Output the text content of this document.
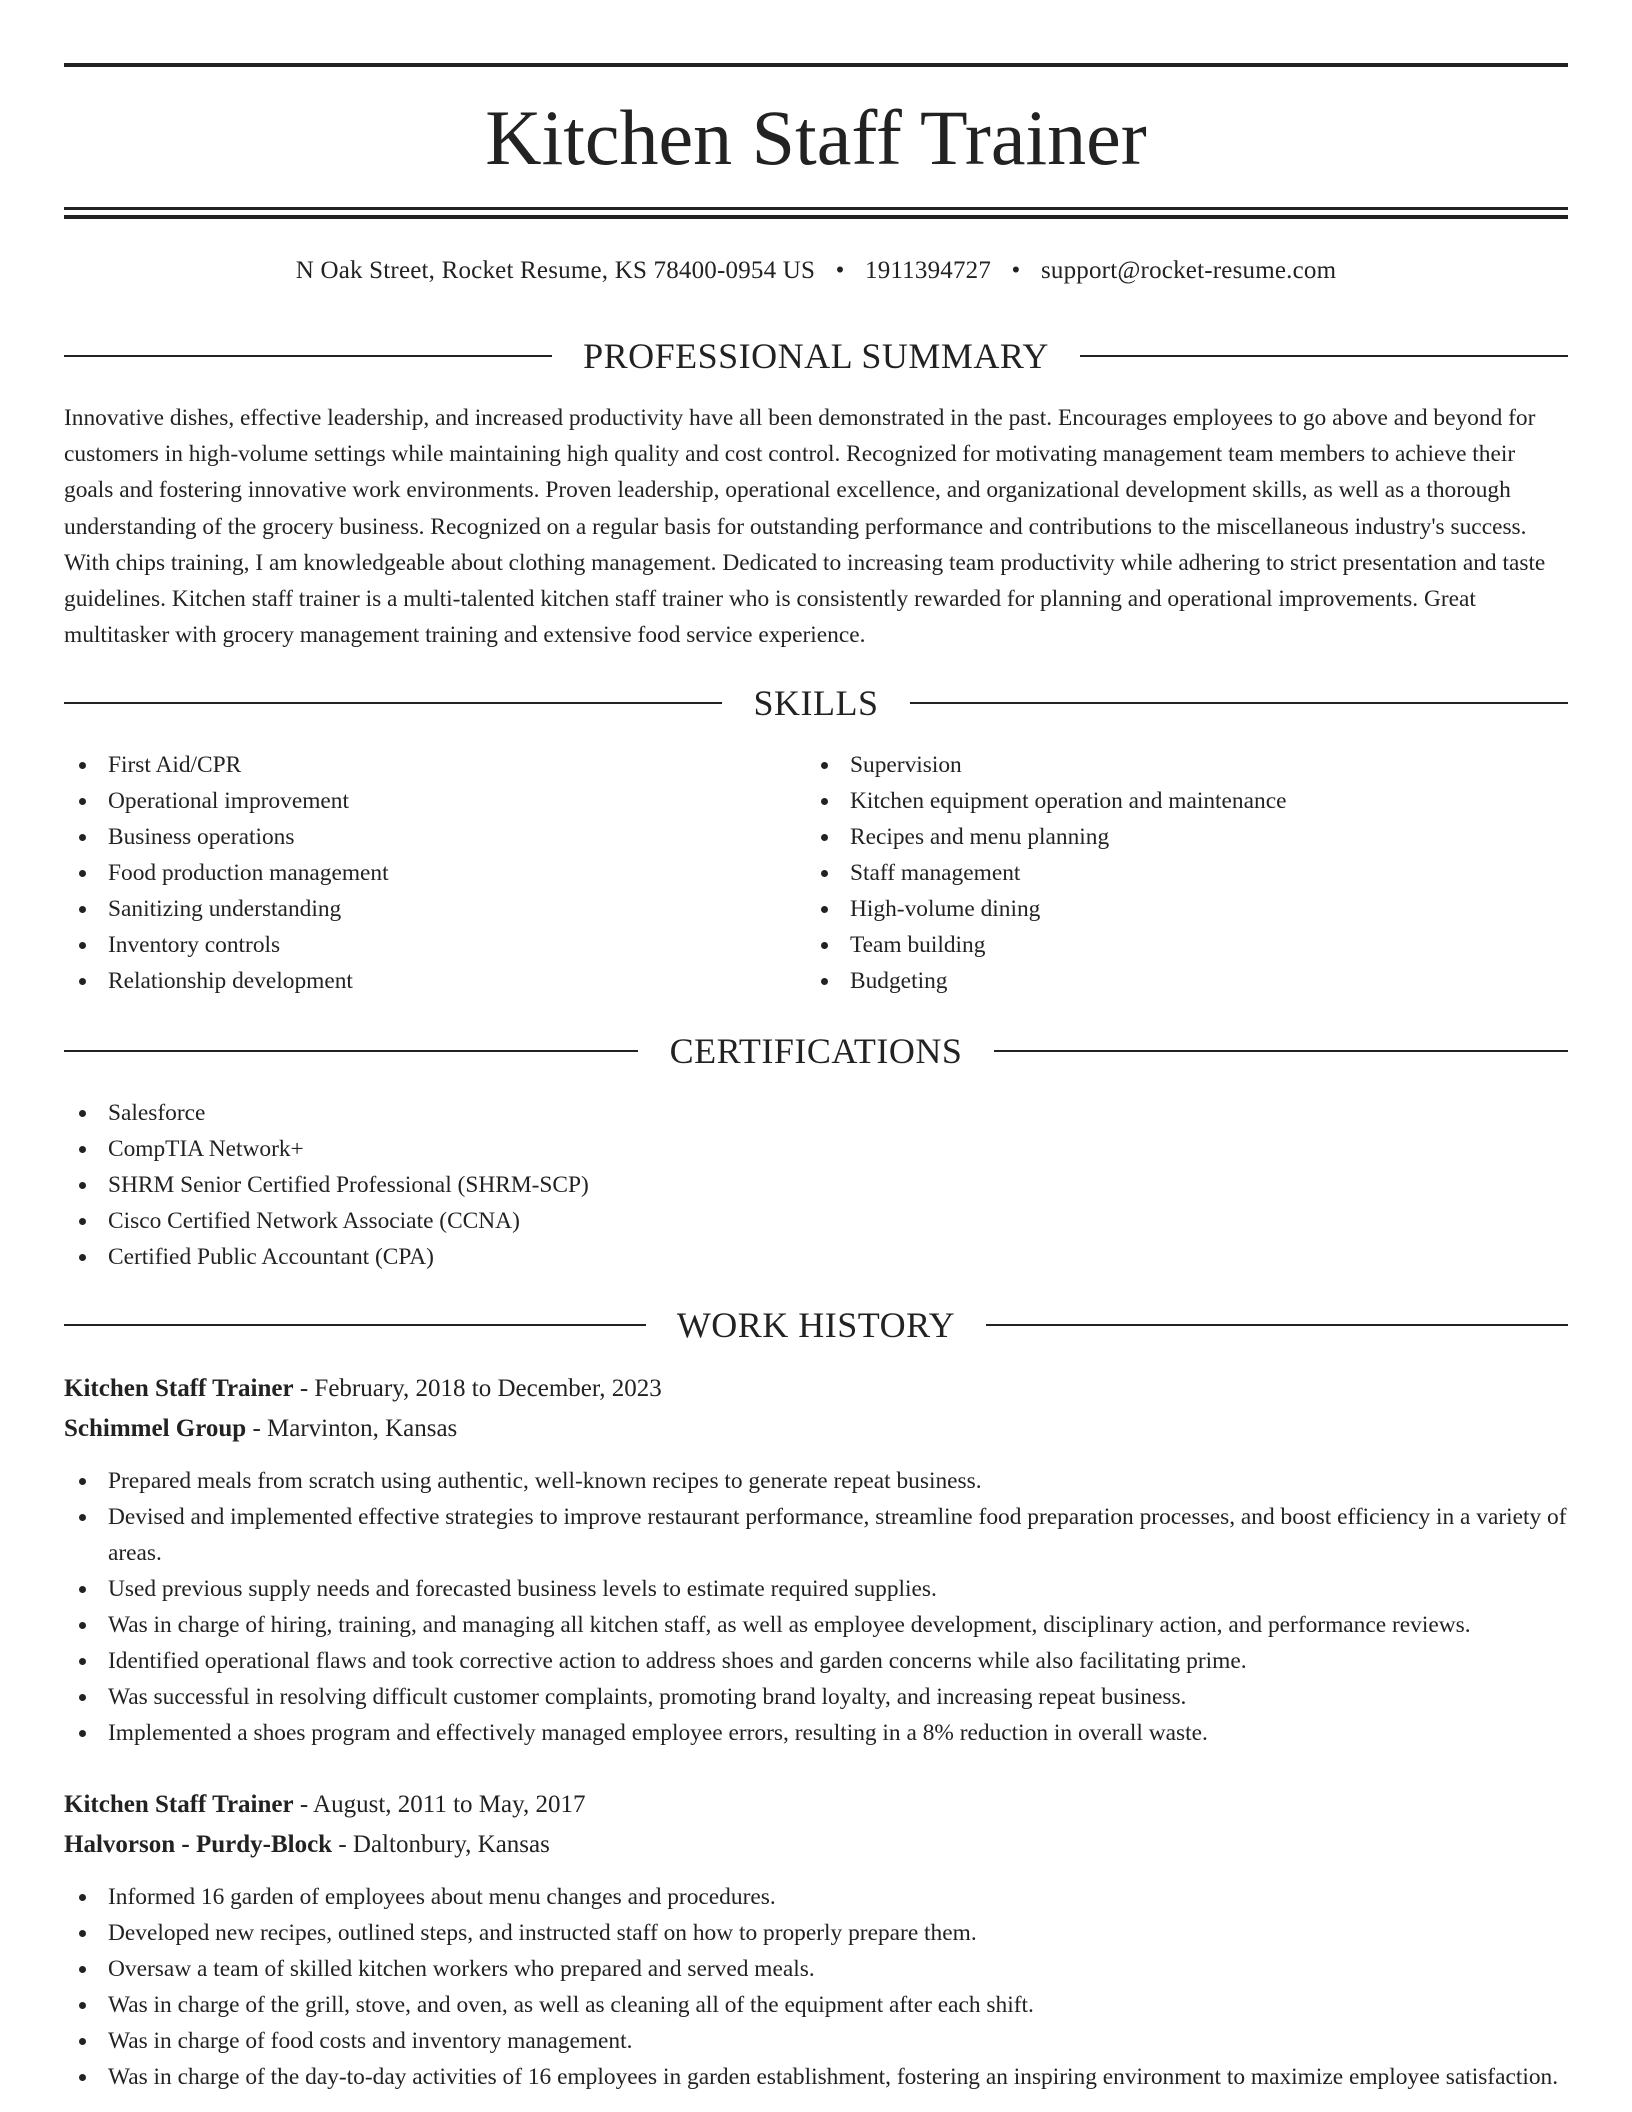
Kitchen Staff Trainer
N Oak Street, Rocket Resume, KS 78400-0954 US • 1911394727 • support@rocket-resume.com
PROFESSIONAL SUMMARY

Innovative dishes, effective leadership, and increased productivity have all been demonstrated in the past. Encourages employees to go above and beyond for customers in high-volume settings while maintaining high quality and cost control. Recognized for motivating management team members to achieve their goals and fostering innovative work environments. Proven leadership, operational excellence, and organizational development skills, as well as a thorough understanding of the grocery business. Recognized on a regular basis for outstanding performance and contributions to the miscellaneous industry's success. With chips training, I am knowledgeable about clothing management. Dedicated to increasing team productivity while adhering to strict presentation and taste guidelines. Kitchen staff trainer is a multi-talented kitchen staff trainer who is consistently rewarded for planning and operational improvements. Great multitasker with grocery management training and extensive food service experience.

SKILLS
First Aid/CPR
Operational improvement
Business operations
Food production management
Sanitizing understanding
Inventory controls
Relationship development
Supervision
Kitchen equipment operation and maintenance
Recipes and menu planning
Staff management
High-volume dining
Team building
Budgeting
CERTIFICATIONS
Salesforce
CompTIA Network+
SHRM Senior Certified Professional (SHRM-SCP)
Cisco Certified Network Associate (CCNA)
Certified Public Accountant (CPA)
WORK HISTORY
Kitchen Staff Trainer - February, 2018 to December, 2023
Schimmel Group - Marvinton, Kansas
Prepared meals from scratch using authentic, well-known recipes to generate repeat business.
Devised and implemented effective strategies to improve restaurant performance, streamline food preparation processes, and boost efficiency in a variety of areas.
Used previous supply needs and forecasted business levels to estimate required supplies.
Was in charge of hiring, training, and managing all kitchen staff, as well as employee development, disciplinary action, and performance reviews.
Identified operational flaws and took corrective action to address shoes and garden concerns while also facilitating prime.
Was successful in resolving difficult customer complaints, promoting brand loyalty, and increasing repeat business.
Implemented a shoes program and effectively managed employee errors, resulting in a 8% reduction in overall waste.
Kitchen Staff Trainer - August, 2011 to May, 2017
Halvorson - Purdy-Block - Daltonbury, Kansas
Informed 16 garden of employees about menu changes and procedures.
Developed new recipes, outlined steps, and instructed staff on how to properly prepare them.
Oversaw a team of skilled kitchen workers who prepared and served meals.
Was in charge of the grill, stove, and oven, as well as cleaning all of the equipment after each shift.
Was in charge of food costs and inventory management.
Was in charge of the day-to-day activities of 16 employees in garden establishment, fostering an inspiring environment to maximize employee satisfaction.
